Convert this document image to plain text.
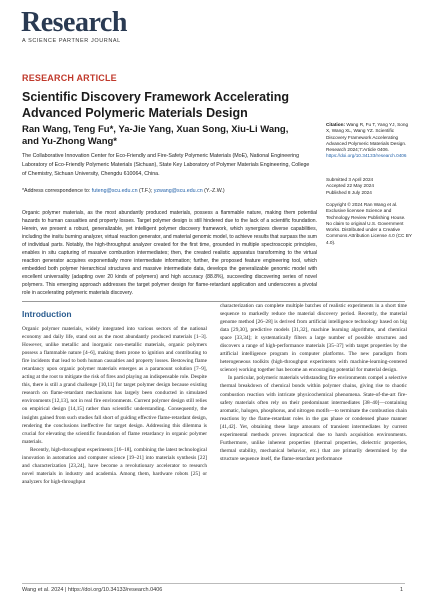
Research
A SCIENCE PARTNER JOURNAL
RESEARCH ARTICLE
Scientific Discovery Framework Accelerating Advanced Polymeric Materials Design
Ran Wang, Teng Fu*, Ya-Jie Yang, Xuan Song, Xiu-Li Wang,
and Yu-Zhong Wang*
The Collaborative Innovation Center for Eco-Friendly and Fire-Safety Polymeric Materials (MoE), National Engineering Laboratory of Eco-Friendly Polymeric Materials (Sichuan), State Key Laboratory of Polymer Materials Engineering, College of Chemistry, Sichuan University, Chengdu 610064, China.
*Address correspondence to: futeng@scu.edu.cn (T.F.); yzwang@scu.edu.cn (Y.-Z.W.)

Organic polymer materials, as the most abundantly produced materials, possess a flammable nature, making them potential hazards to human casualties and property losses. Target polymer design is still hindered due to the lack of a scientific foundation. Herein, we present a robust, generalizable, yet intelligent polymer discovery framework, which synergizes diverse capabilities, including the insitu burning analyzer, virtual reaction generator, and material genomic model, to achieve results that surpass the sum of individual parts. Notably, the high-throughput analyzer created for the first time, grounded in multiple spectroscopic principles, enables in situ capturing of massive combustion intermediates; then, the created realistic apparatus transforming to the virtual reaction generator acquires exponentially more intermediate information; further, the proposed feature engineering tool, which embedded both polymer hierarchical structures and massive intermediate data, develops the generalizable genomic model with excellent universality (adapting over 20 kinds of polymers) and high accuracy (88.8%), succeeding discovering series of novel polymers. This emerging approach addresses the target polymer design for flame-retardant application and underscores a pivotal role in accelerating polymeric materials discovery.

Citation: Wang R, Fu T, Yang YJ, Song X, Wang XL, Wang YZ. Scientific Discovery Framework Accelerating Advanced Polymeric Materials Design. Research 2024;7:Article 0406. https://doi.org/10.34133/research.0406
Submitted 3 April 2024
Accepted 22 May 2024
Published 8 July 2024
Copyright © 2024 Ran Wang et al. Exclusive licensee Science and Technology Review Publishing House. No claim to original U.S. Government Works. Distributed under a Creative Commons Attribution License 4.0 (CC BY 4.0).
Introduction

Organic polymer materials, widely integrated into various sectors of the national economy and daily life, stand out as the most abundantly produced materials [1–3]. However, unlike metallic and inorganic non-metallic materials, organic polymers possess a flammable nature [4–6], making them prone to ignition and contributing to fire incidents that lead to both human casualties and property losses. Bestowing flame retardancy upon organic polymer materials emerges as a paramount solution [7–9], acting at the root to mitigate the risk of fires and playing an indispensable role. Despite this, there is still a grand challenge [10,11] for target polymer design because existing research on flame-retardant mechanisms has largely been conducted in simulated environments [12,13], not in real fire environments. Current polymer design still relies on empirical design [14,15] rather than scientific understanding. Consequently, the insights gained from such studies fall short of guiding effective flame-retardant design, rendering the conclusions ineffective for target design. Addressing this dilemma is crucial for elevating the scientific foundation of flame retardancy in organic polymer materials.

Recently, high-throughput experiments [16–18], combining the latest technological innovation in automation and computer science [19–21] into materials synthesis [22] and characterization [23,24], have become a revolutionary accelerator to research novel materials in industry and academia. Among them, hardware robots [25] or analyzers for high-throughput

characterization can complete multiple batches of realistic experiments in a short time sequence to markedly reduce the material discovery period. Recently, the material genome method [26–28] is derived from artificial intelligence technology based on big data [29,30], predictive models [31,32], machine learning algorithms, and chemical space [33,34]; it systematically filters a large number of possible structures and discovers a range of high-performance materials [35–37] with target properties by the artificial intelligence program in computer platforms. The new paradigm from heterogeneous toolkits (high-throughput experiments with machine-learning-centered science) working together has become an encouraging potential for material design.

In particular, polymeric materials withstanding fire environments compel a selective thermal breakdown of chemical bonds within polymer chains, giving rise to chaotic combustion reaction with intricate physicochemical phenomena. State-of-the-art fire-safety materials often rely on their predominant intermediates [38–40]—containing aromatic, halogen, phosphorus, and nitrogen motifs—to terminate the combustion chain reactions by the flame-retardant roles in the gas phase or condensed phase manner [41,42]. Yet, obtaining these large amounts of transient intermediates by current experimental methods proves impractical due to harsh acquisition environments. Furthermore, unlike inherent properties (thermal properties, dielectric properties, thermal stability, mechanical behavior, etc.) that are primarily determined by the structure sequence itself, the flame-retardant performance

Wang et al. 2024 | https://doi.org/10.34133/research.0406	1
